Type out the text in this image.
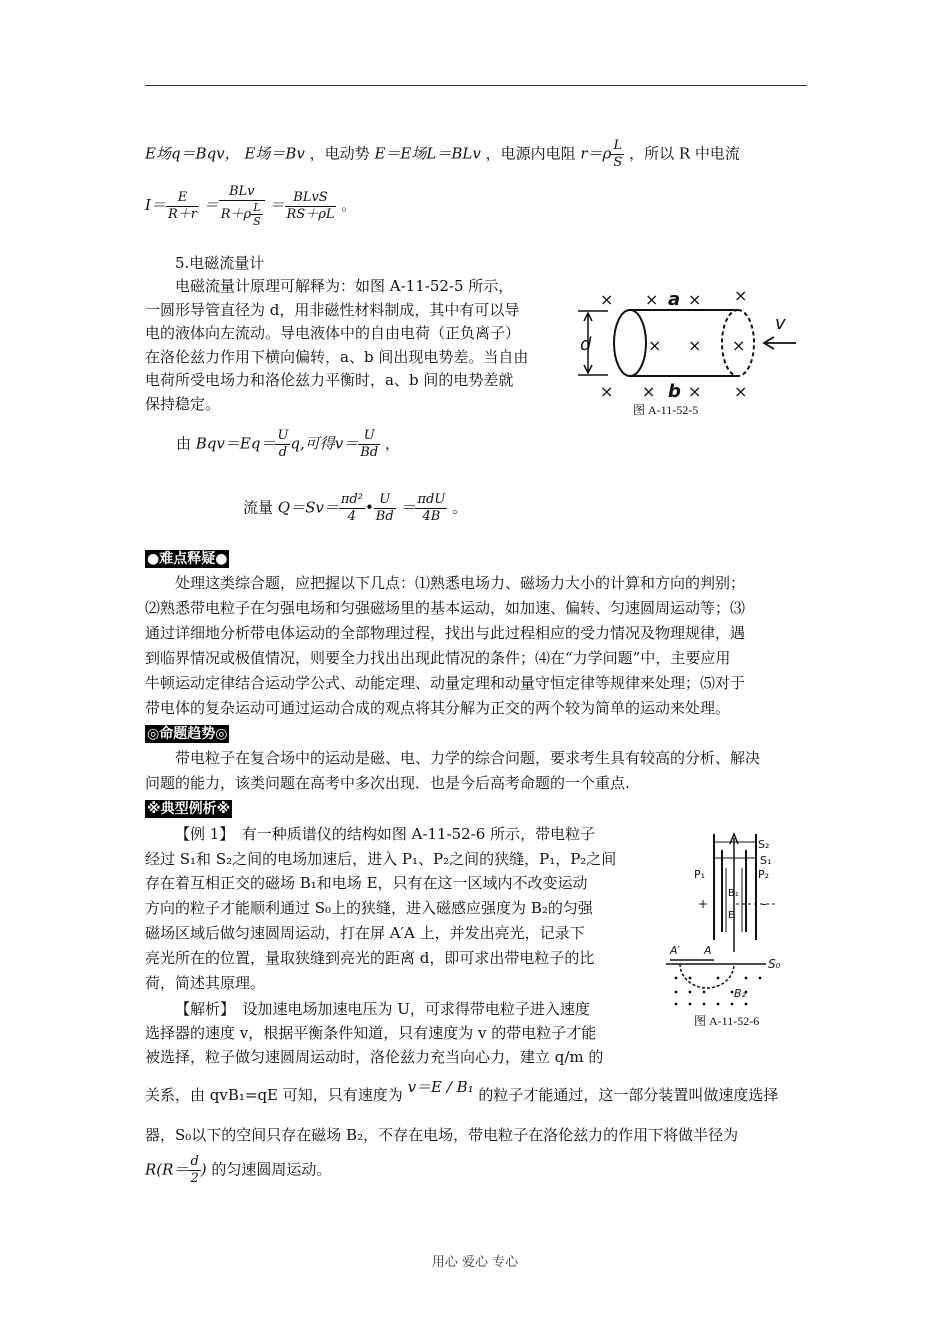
E场q＝Bqv， E场＝Bv ，电动势 E＝E场L＝BLv ，电源内电阻 $r=\rho \frac{L}{S}$ ，所以 R 中电流
$I= \frac{E}{R+r} = \frac{\text{BLv}}{R+\rho \frac{L}{S}} = \frac{\text{BLvS}}{RS+\rho L}$ 。
5.电磁流量计
电磁流量计原理可解释为：如图 A-11-52-5 所示，
一圆形导管直径为 d，用非磁性材料制成，其中有可以导
电的液体向左流动。导电液体中的自由电荷（正负离子）
在洛伦兹力作用下横向偏转，a、b 间出现电势差。当自由
电荷所受电场力和洛伦兹力平衡时，a、b 间的电势差就
保持稳定。
由 $Bqv=Eq= \frac{U}{d} q$,可得$v= \frac{U}{Bd}$ ，
流量 $Q=Sv= \frac{\text{πd²}}{4}$ • $\frac{U}{Bd} = \frac{\text{πdU}}{4B}$ 。
× × × ×
× × × ×
× × ×
d
a
b
v
图 A-11-52-5
●难点释疑●
处理这类综合题，应把握以下几点：⑴熟悉电场力、磁场力大小的计算和方向的判别；
⑵熟悉带电粒子在匀强电场和匀强磁场里的基本运动，如加速、偏转、匀速圆周运动等；⑶
通过详细地分析带电体运动的全部物理过程，找出与此过程相应的受力情况及物理规律，遇
到临界情况或极值情况，则要全力找出出现此情况的条件；⑷在“力学问题”中，主要应用
牛顿运动定律结合运动学公式、动能定理、动量定理和动量守恒定律等规律来处理；⑸对于
带电体的复杂运动可通过运动合成的观点将其分解为正交的两个较为简单的运动来处理。
◎命题趋势◎
带电粒子在复合场中的运动是磁、电、力学的综合问题，要求考生具有较高的分析、解决
问题的能力，该类问题在高考中多次出现．也是今后高考命题的一个重点.
※典型例析※
【例 1】　有一种质谱仪的结构如图 A-11-52-6 所示，带电粒子
经过 S₁和 S₂之间的电场加速后，进入 P₁、P₂之间的狭缝，P₁，P₂之间
存在着互相正交的磁场 B₁和电场 E，只有在这一区域内不改变运动
方向的粒子才能顺利通过 S₀上的狭缝，进入磁感应强度为 B₂的匀强
磁场区域后做匀速圆周运动，打在屏 A′A 上，并发出亮光，记录下
亮光所在的位置，量取狭缝到亮光的距离 d，即可求出带电粒子的比
荷，简述其原理。
【解析】　设加速电场加速电压为 U，可求得带电粒子进入速度
选择器的速度 v，根据平衡条件知道，只有速度为 v 的带电粒子才能
被选择，粒子做匀速圆周运动时，洛伦兹力充当向心力，建立 q/m 的
S₂
S₁
P₁	P₂
B₁
E
+	-
A′ A
S₀
B₂
图 A-11-52-6
关系，由 qvB₁=qE 可知，只有速度为 v＝E / B₁ 的粒子才能通过，这一部分装置叫做速度选择
器，S₀以下的空间只存在磁场 B₂，不存在电场，带电粒子在洛伦兹力的作用下将做半径为
$R(R= \frac{d}{2}$ ) 的匀速圆周运动。
用心 爱心 专心
